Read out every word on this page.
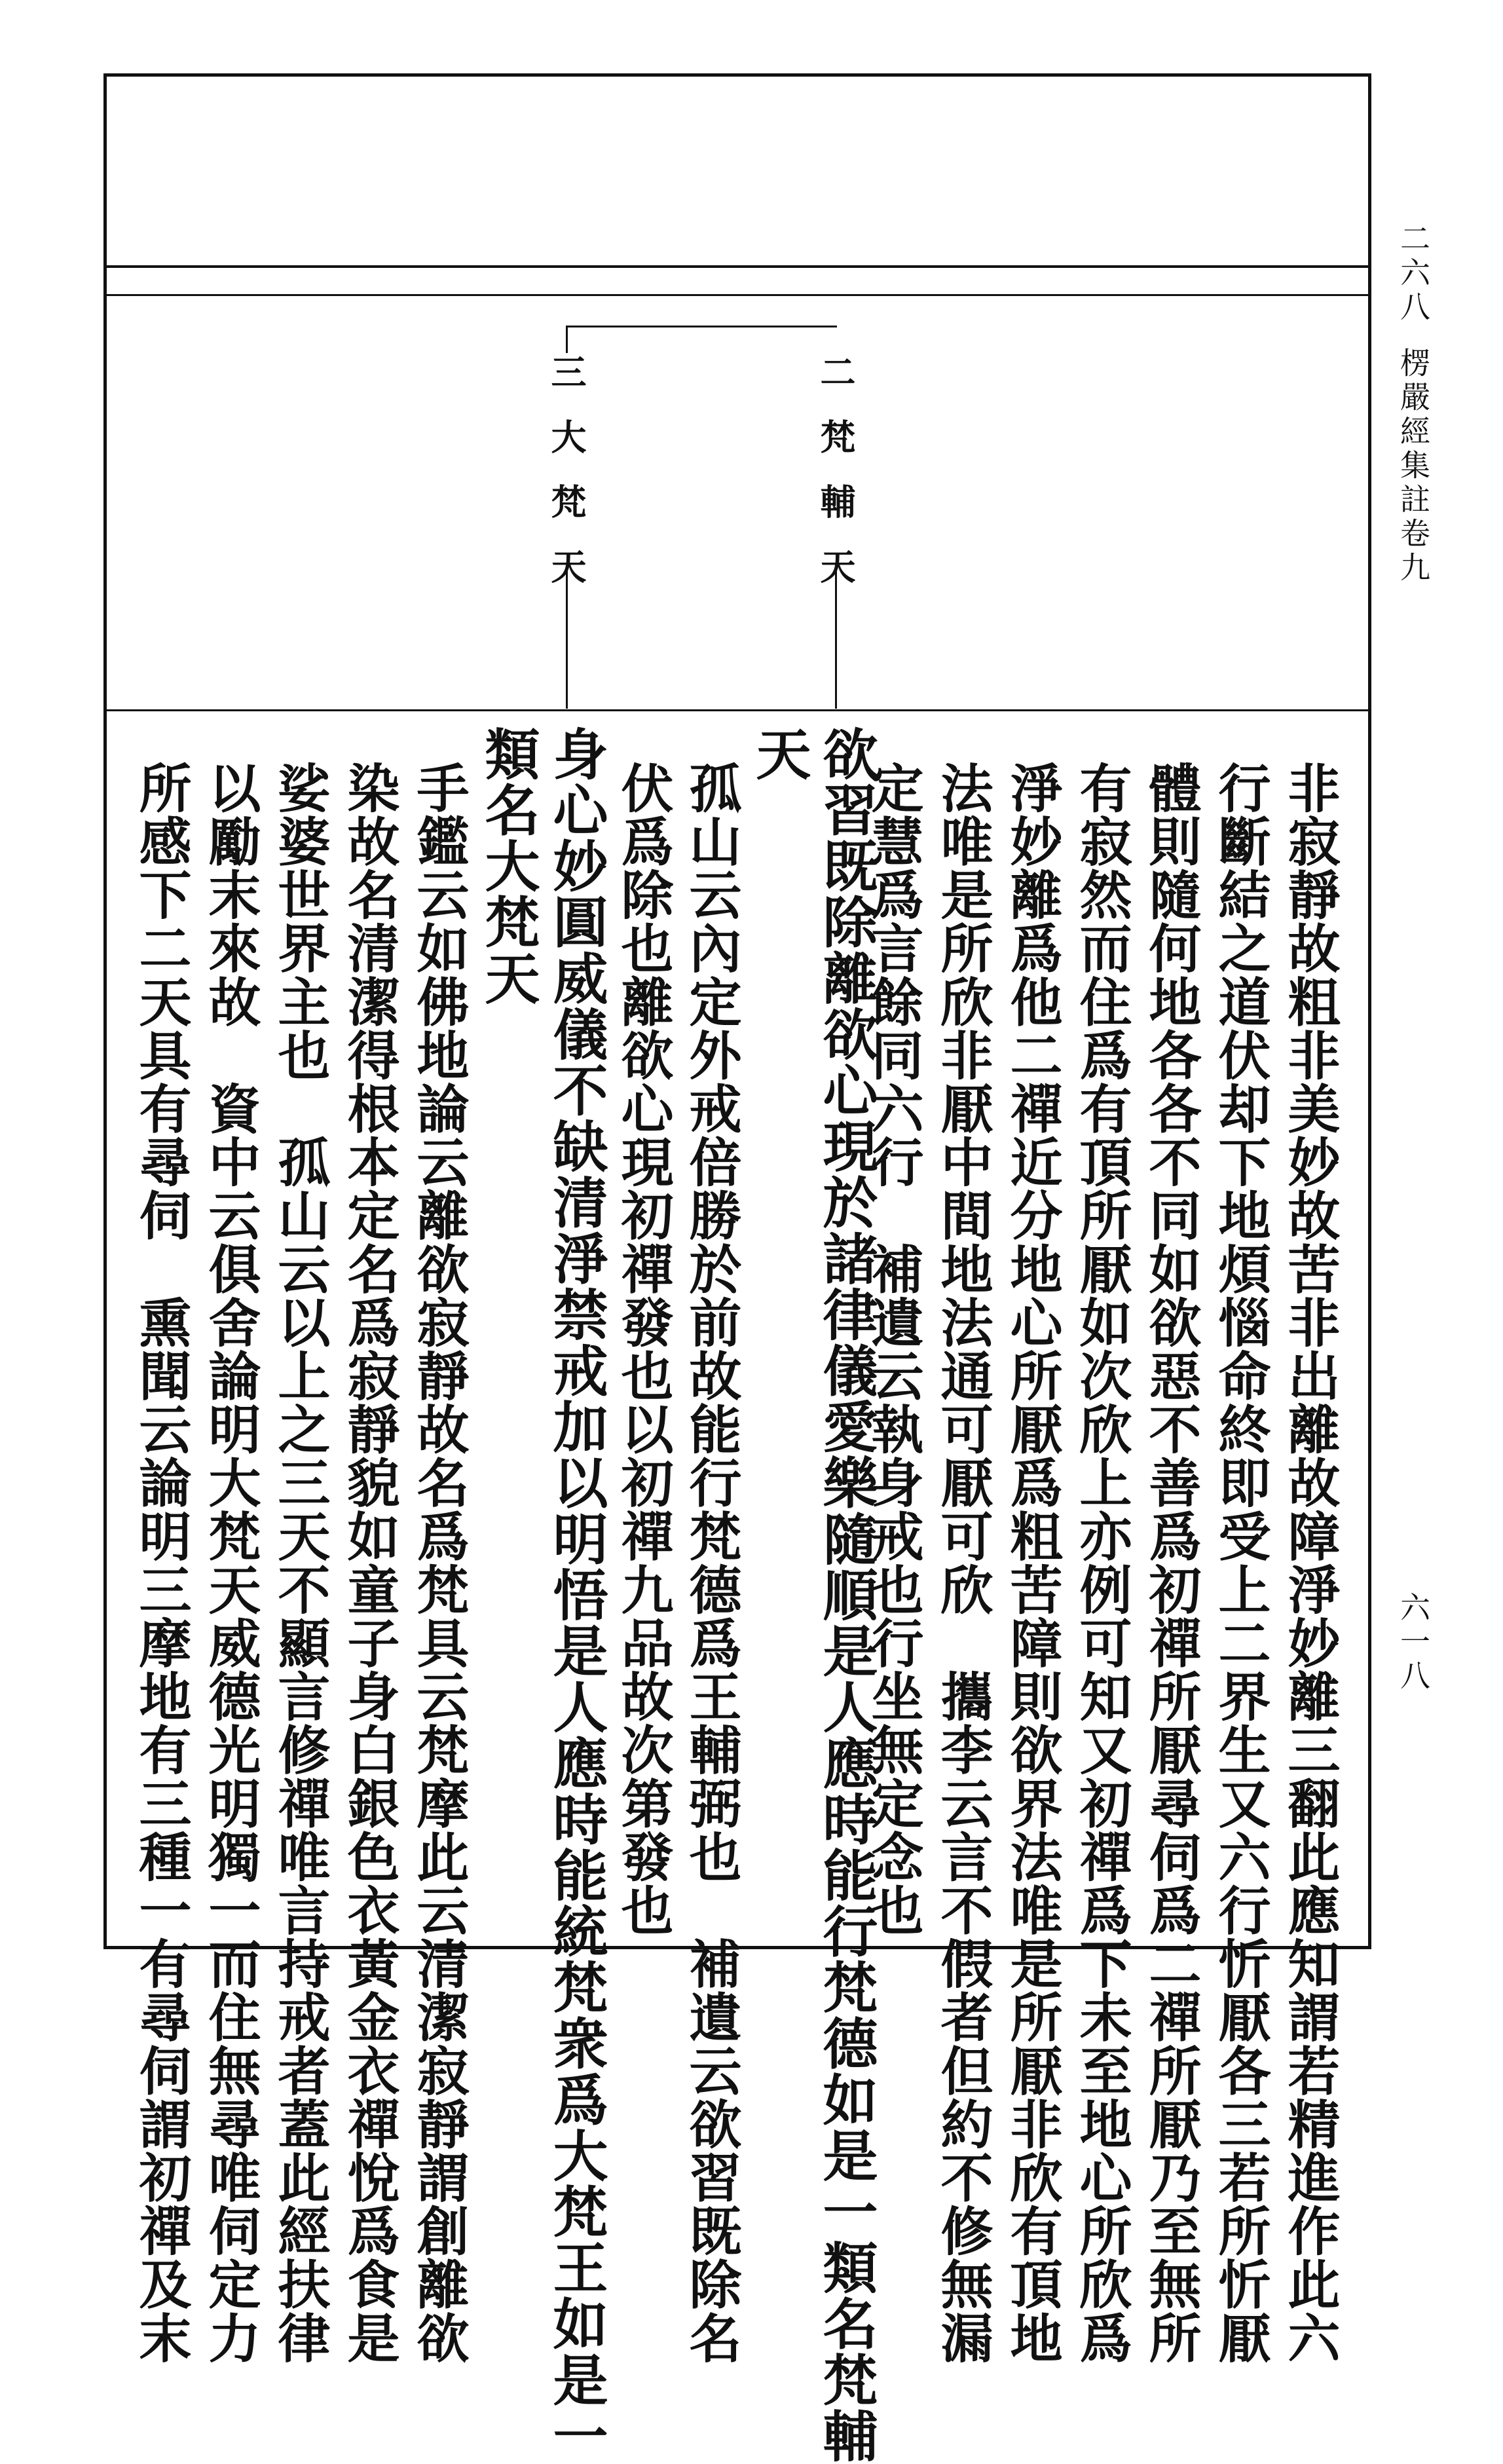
二六八
楞嚴經集註卷九
六一八
二梵輔天
三大梵天
非寂靜故粗非美妙故苦非出離故障淨妙離三翻此應知謂若精進作此六
行斷結之道伏却下地煩惱命終即受上二界生又六行忻厭各三若所忻厭
體則隨何地各各不同如欲惡不善爲初禪所厭尋伺爲二禪所厭乃至無所
有寂然而住爲有頂所厭如次欣上亦例可知又初禪爲下未至地心所欣爲
淨妙離爲他二禪近分地心所厭爲粗苦障則欲界法唯是所厭非欣有頂地
法唯是所欣非厭中間地法通可厭可欣　攜李云言不假者但約不修無漏
定慧爲言餘同六行　補遺云執身戒也行坐無定念也
欲習既除離欲心現於諸律儀愛樂隨順是人應時能行梵德如是一類名梵輔
天
孤山云內定外戒倍勝於前故能行梵德爲王輔弼也　補遺云欲習既除名
伏爲除也離欲心現初禪發也以初禪九品故次第發也
身心妙圓威儀不缺清淨禁戒加以明悟是人應時能統梵衆爲大梵王如是一
類名大梵天
手鑑云如佛地論云離欲寂靜故名爲梵具云梵摩此云清潔寂靜謂創離欲
染故名清潔得根本定名爲寂靜貌如童子身白銀色衣黃金衣禪悅爲食是
娑婆世界主也　孤山云以上之三天不顯言修禪唯言持戒者蓋此經扶律
以勵末來故　資中云俱舍論明大梵天威德光明獨一而住無尋唯伺定力
所感下二天具有尋伺　熏聞云論明三摩地有三種一有尋伺謂初禪及末
